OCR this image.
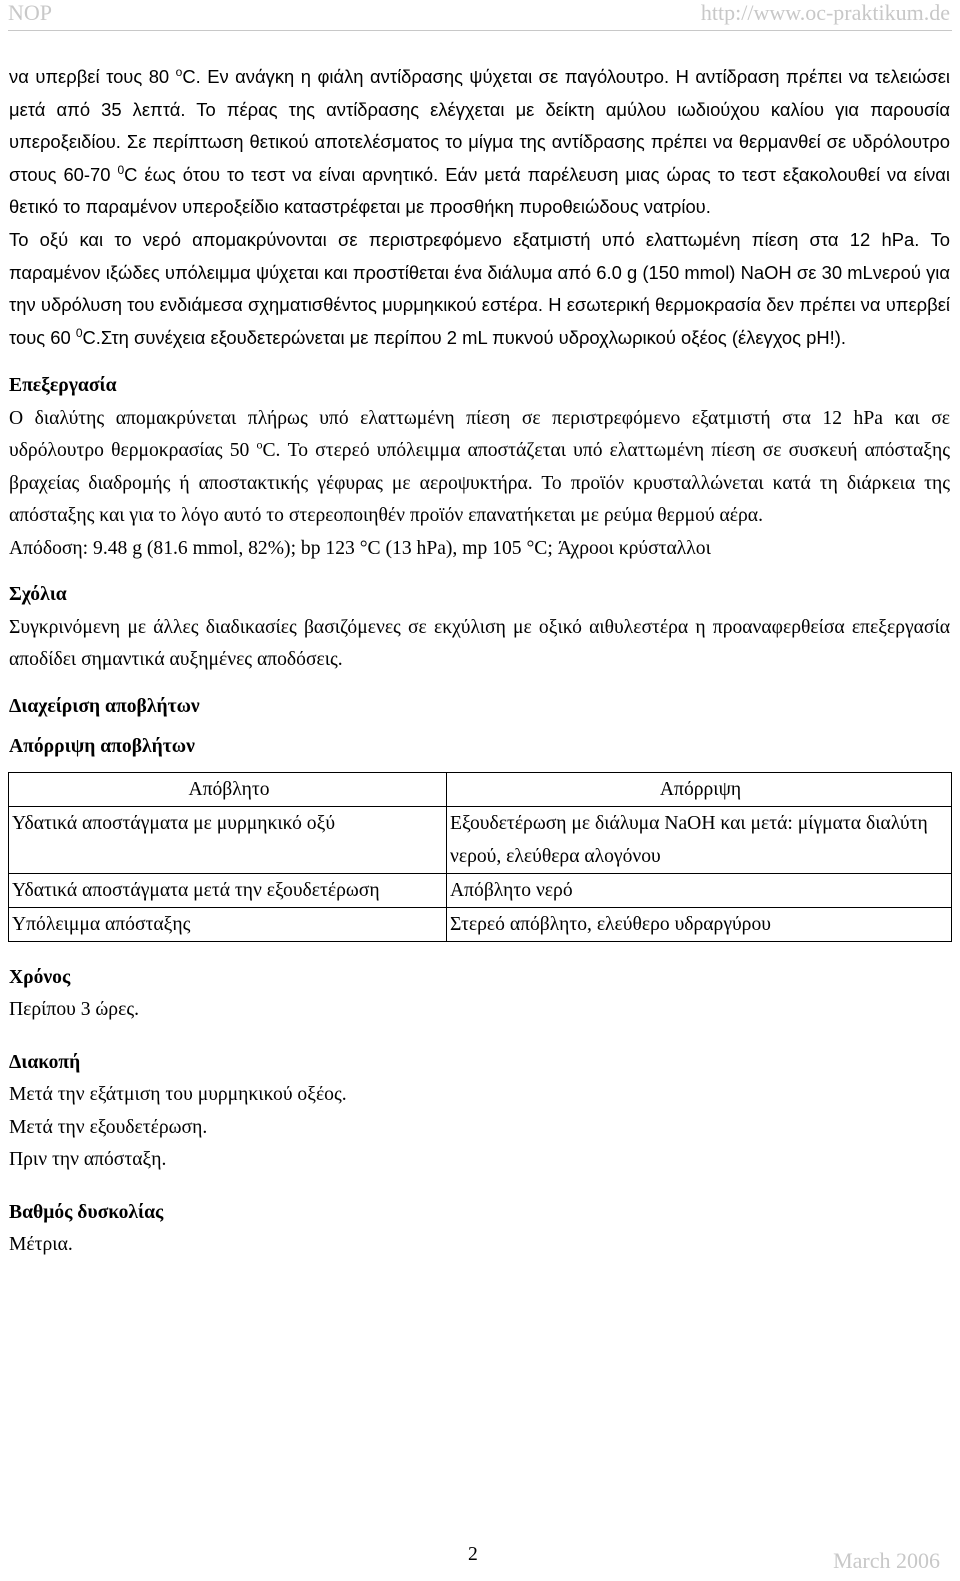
NOP	http://www.oc-praktikum.de

να υπερβεί τους 80 $^o$C. Εν ανάγκη η φιάλη αντίδρασης ψύχεται σε παγόλουτρο. Η αντίδραση πρέπει να τελειώσει μετά από 35 λεπτά. Το πέρας της αντίδρασης ελέγχεται με δείκτη αμύλου ιωδιούχου καλίου για παρουσία υπεροξειδίου. Σε περίπτωση θετικού αποτελέσματος το μίγμα της αντίδρασης πρέπει να θερμανθεί σε υδρόλουτρο στους 60-70 $^0$C έως ότου το τεστ να είναι αρνητικό. Εάν μετά παρέλευση μιας ώρας το τεστ εξακολουθεί να είναι θετικό το παραμένον υπεροξείδιο καταστρέφεται με προσθήκη πυροθειώδους νατρίου.

Το οξύ και το νερό απομακρύνονται σε περιστρεφόμενο εξατμιστή υπό ελαττωμένη πίεση στα 12 hPa. Το παραμένον ιξώδες υπόλειμμα ψύχεται και προστίθεται ένα διάλυμα από 6.0 g (150 mmol) NaOH σε 30 mLνερού για την υδρόλυση του ενδιάμεσα σχηματισθέντος μυρμηκικού εστέρα. Η εσωτερική θερμοκρασία δεν πρέπει να υπερβεί τους 60 $^0$C.Στη συνέχεια εξουδετερώνεται με περίπου 2 mL πυκνού υδροχλωρικού οξέος (έλεγχος pH!).

Επεξεργασία

Ο διαλύτης απομακρύνεται πλήρως υπό ελαττωμένη πίεση σε περιστρεφόμενο εξατμιστή στα 12 hPa και σε υδρόλουτρο θερμοκρασίας 50 $^o$C. Το στερεό υπόλειμμα αποστάζεται υπό ελαττωμένη πίεση σε συσκευή απόσταξης βραχείας διαδρομής ή αποστακτικής γέφυρας με αεροψυκτήρα. Το προϊόν κρυσταλλώνεται κατά τη διάρκεια της απόσταξης και για το λόγο αυτό το στερεοποιηθέν προϊόν επανατήκεται με ρεύμα θερμού αέρα.

Απόδοση: 9.48 g (81.6 mmol, 82%); bp 123 °C (13 hPa), mp 105 °C; Άχροοι κρύσταλλοι

Σχόλια

Συγκρινόμενη με άλλες διαδικασίες βασιζόμενες σε εκχύλιση με οξικό αιθυλεστέρα η προαναφερθείσα επεξεργασία αποδίδει σημαντικά αυξημένες αποδόσεις.

Διαχείριση αποβλήτων

Απόρριψη αποβλήτων

Απόβλητο	Απόρριψη
Υδατικά αποστάγματα με μυρμηκικό οξύ	Εξουδετέρωση με διάλυμα NaOH και μετά: μίγματα διαλύτη νερού, ελεύθερα αλογόνου
Υδατικά αποστάγματα μετά την εξουδετέρωση	Απόβλητο νερό
Υπόλειμμα απόσταξης	Στερεό απόβλητο, ελεύθερο υδραργύρου

Χρόνος

Περίπου 3 ώρες.

Διακοπή

Μετά την εξάτμιση του μυρμηκικού οξέος.

Μετά την εξουδετέρωση.

Πριν την απόσταξη.

Βαθμός δυσκολίας

Μέτρια.

2	March 2006
